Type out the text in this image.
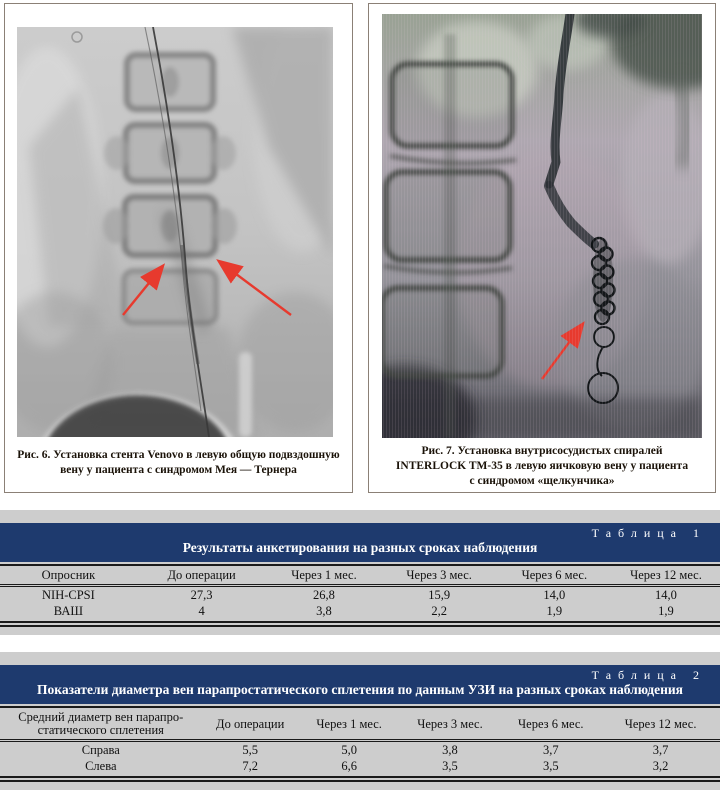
Рис. 6. Установка стента Venovo в левую общую подвздошную
вену у пациента с синдромом Мея — Тернера
Рис. 7. Установка внутрисосудистых спиралей
INTERLOCK TM-35 в левую яичковую вену у пациента
с синдромом «щелкунчика»
Таблица 1
Результаты анкетирования на разных сроках наблюдения
Опросник	До операции	Через 1 мес.	Через 3 мес.	Через 6 мес.	Через 12 мес.
NIH-CPSI	27,3	26,8	15,9	14,0	14,0
ВАШ	4	3,8	2,2	1,9	1,9
Таблица 2
Показатели диаметра вен парапростатического сплетения по данным УЗИ на разных сроках наблюдения
Средний диаметр вен парапро-
статического сплетения	До операции	Через 1 мес.	Через 3 мес.	Через 6 мес.	Через 12 мес.
Справа	5,5	5,0	3,8	3,7	3,7
Слева	7,2	6,6	3,5	3,5	3,2
